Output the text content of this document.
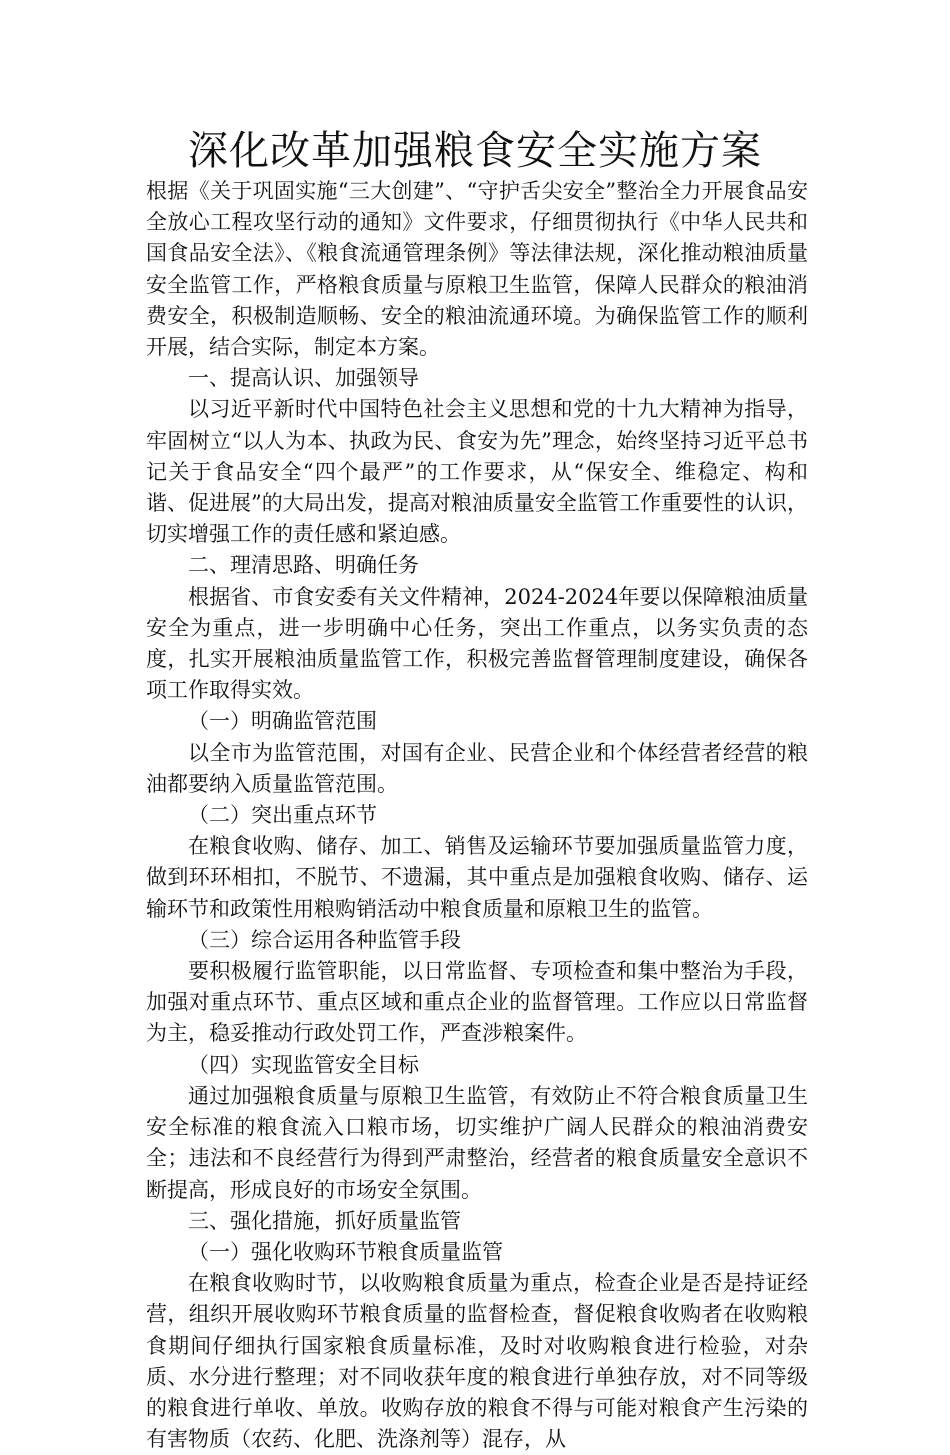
深化改革加强粮食安全实施方案

根据《关于巩固实施“三大创建”、“守护舌尖安全”整治全力开展食品安全放心工程攻坚行动的通知》文件要求，仔细贯彻执行《中华人民共和国食品安全法》、《粮食流通管理条例》等法律法规，深化推动粮油质量安全监管工作，严格粮食质量与原粮卫生监管，保障人民群众的粮油消费安全，积极制造顺畅、安全的粮油流通环境。为确保监管工作的顺利开展，结合实际，制定本方案。

一、提高认识、加强领导

以习近平新时代中国特色社会主义思想和党的十九大精神为指导，牢固树立“以人为本、执政为民、食安为先”理念，始终坚持习近平总书记关于食品安全“四个最严”的工作要求，从“保安全、维稳定、构和谐、促进展”的大局出发，提高对粮油质量安全监管工作重要性的认识，切实增强工作的责任感和紧迫感。

二、理清思路、明确任务

根据省、市食安委有关文件精神，2024-2024年要以保障粮油质量安全为重点，进一步明确中心任务，突出工作重点，以务实负责的态度，扎实开展粮油质量监管工作，积极完善监督管理制度建设，确保各项工作取得实效。

（一）明确监管范围

以全市为监管范围，对国有企业、民营企业和个体经营者经营的粮油都要纳入质量监管范围。

（二）突出重点环节

在粮食收购、储存、加工、销售及运输环节要加强质量监管力度，做到环环相扣，不脱节、不遗漏，其中重点是加强粮食收购、储存、运输环节和政策性用粮购销活动中粮食质量和原粮卫生的监管。

（三）综合运用各种监管手段

要积极履行监管职能，以日常监督、专项检查和集中整治为手段，加强对重点环节、重点区域和重点企业的监督管理。工作应以日常监督为主，稳妥推动行政处罚工作，严查涉粮案件。

（四）实现监管安全目标

通过加强粮食质量与原粮卫生监管，有效防止不符合粮食质量卫生安全标准的粮食流入口粮市场，切实维护广阔人民群众的粮油消费安全；违法和不良经营行为得到严肃整治，经营者的粮食质量安全意识不断提高，形成良好的市场安全氛围。

三、强化措施，抓好质量监管

（一）强化收购环节粮食质量监管

在粮食收购时节，以收购粮食质量为重点，检查企业是否是持证经营，组织开展收购环节粮食质量的监督检查，督促粮食收购者在收购粮食期间仔细执行国家粮食质量标准，及时对收购粮食进行检验，对杂质、水分进行整理；对不同收获年度的粮食进行单独存放，对不同等级的粮食进行单收、单放。收购存放的粮食不得与可能对粮食产生污染的有害物质（农药、化肥、洗涤剂等）混存，从
